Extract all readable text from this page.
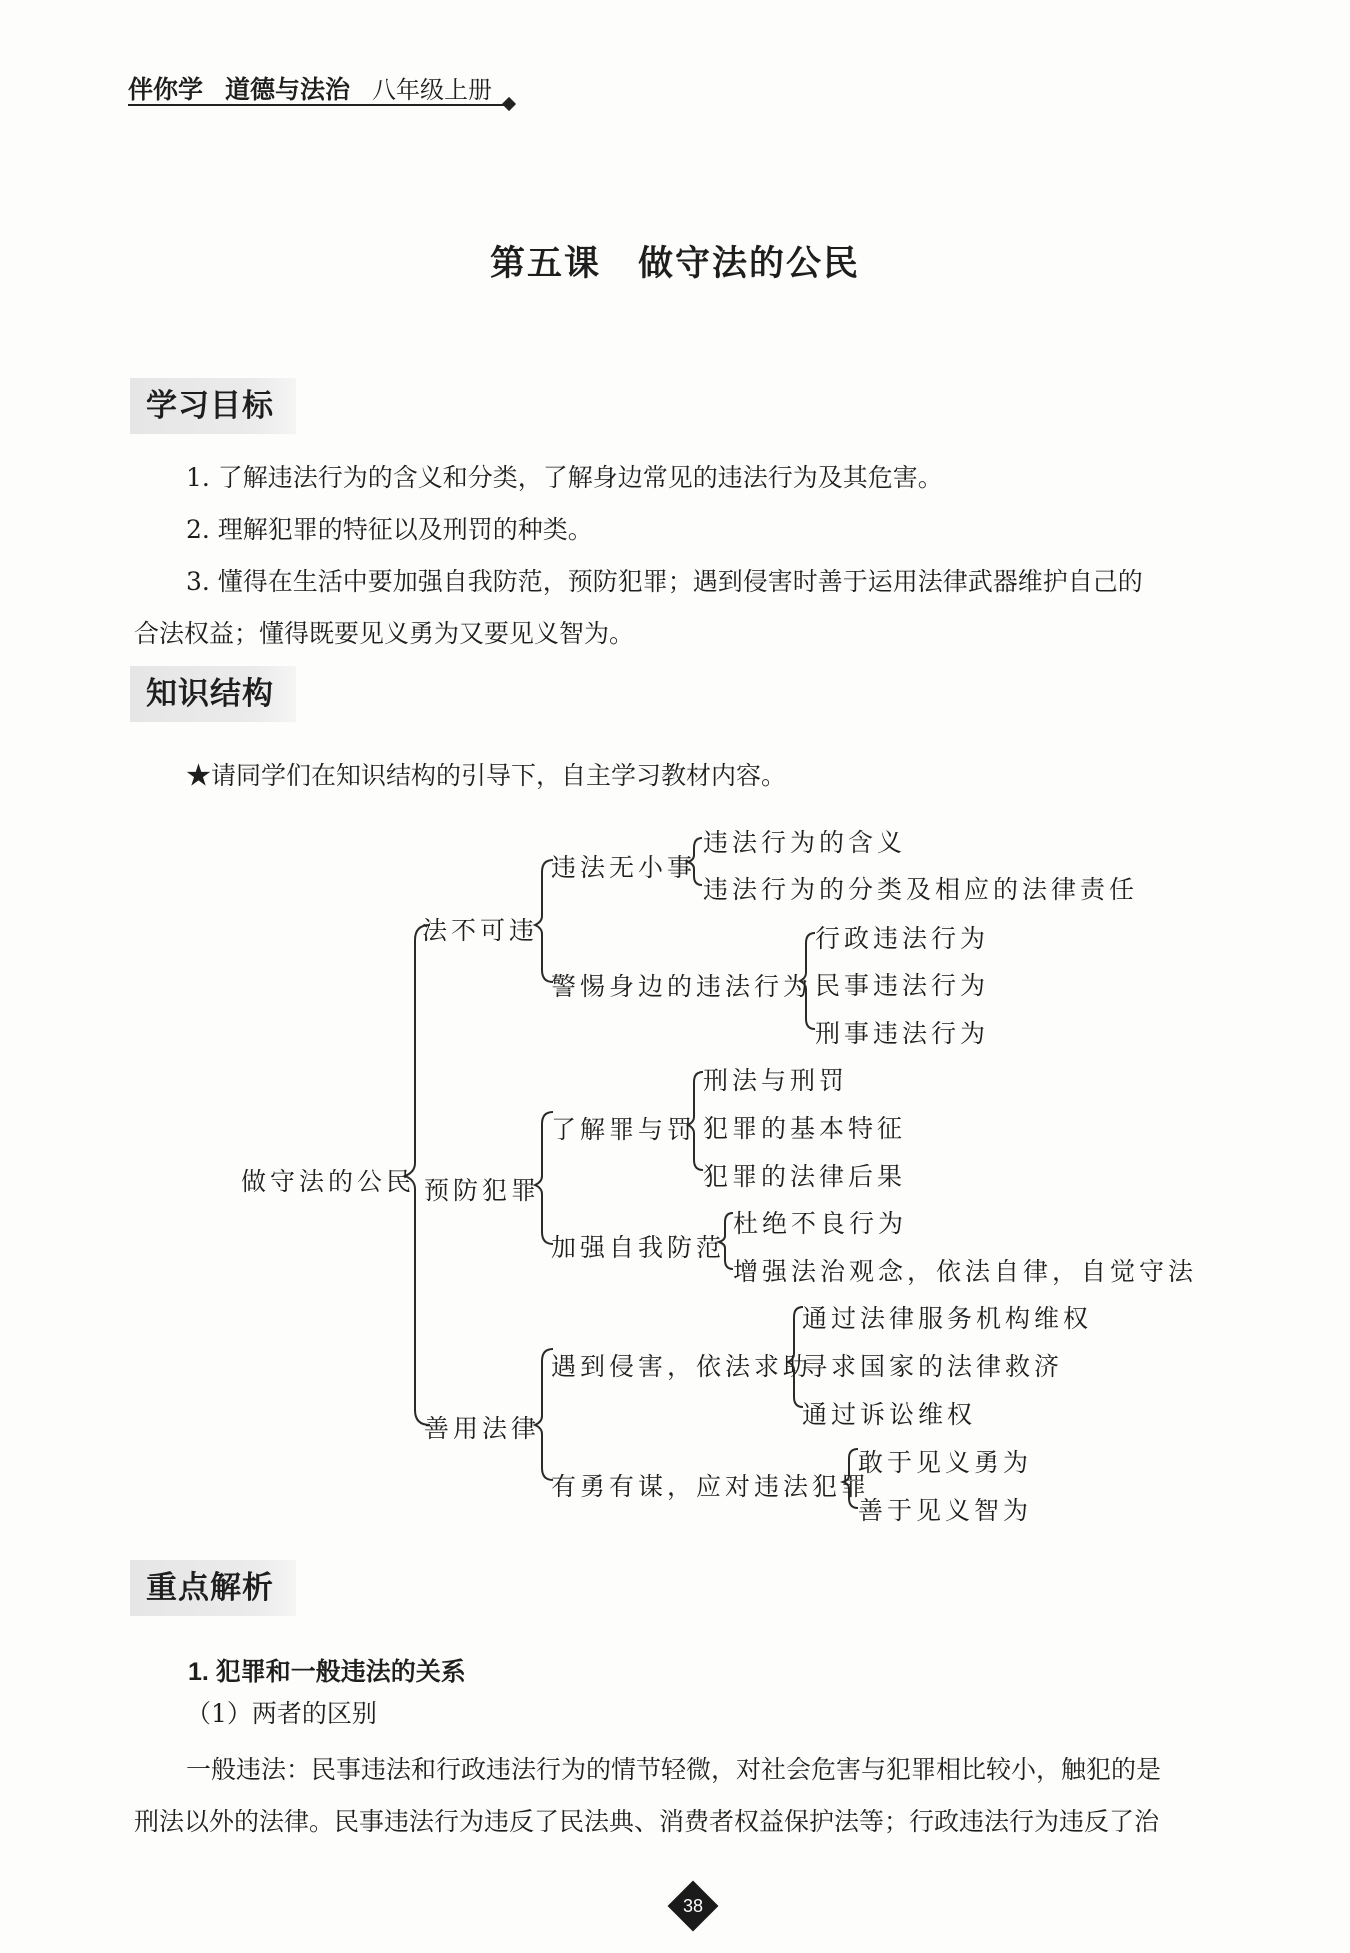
伴你学 道德与法治 八年级上册
第五课　做守法的公民
学习目标
1. 了解违法行为的含义和分类，了解身边常见的违法行为及其危害。
2. 理解犯罪的特征以及刑罚的种类。
3. 懂得在生活中要加强自我防范，预防犯罪；遇到侵害时善于运用法律武器维护自己的
合法权益；懂得既要见义勇为又要见义智为。
知识结构
★请同学们在知识结构的引导下，自主学习教材内容。
做守法的公民
法不可违
违法无小事
违法行为的含义
违法行为的分类及相应的法律责任
警惕身边的违法行为
行政违法行为
民事违法行为
刑事违法行为
预防犯罪
了解罪与罚
刑法与刑罚
犯罪的基本特征
犯罪的法律后果
加强自我防范
杜绝不良行为
增强法治观念，依法自律，自觉守法
善用法律
遇到侵害，依法求助
通过法律服务机构维权
寻求国家的法律救济
通过诉讼维权
有勇有谋，应对违法犯罪
敢于见义勇为
善于见义智为
重点解析
1. 犯罪和一般违法的关系
（1）两者的区别
一般违法：民事违法和行政违法行为的情节轻微，对社会危害与犯罪相比较小，触犯的是
刑法以外的法律。民事违法行为违反了民法典、消费者权益保护法等；行政违法行为违反了治
38
